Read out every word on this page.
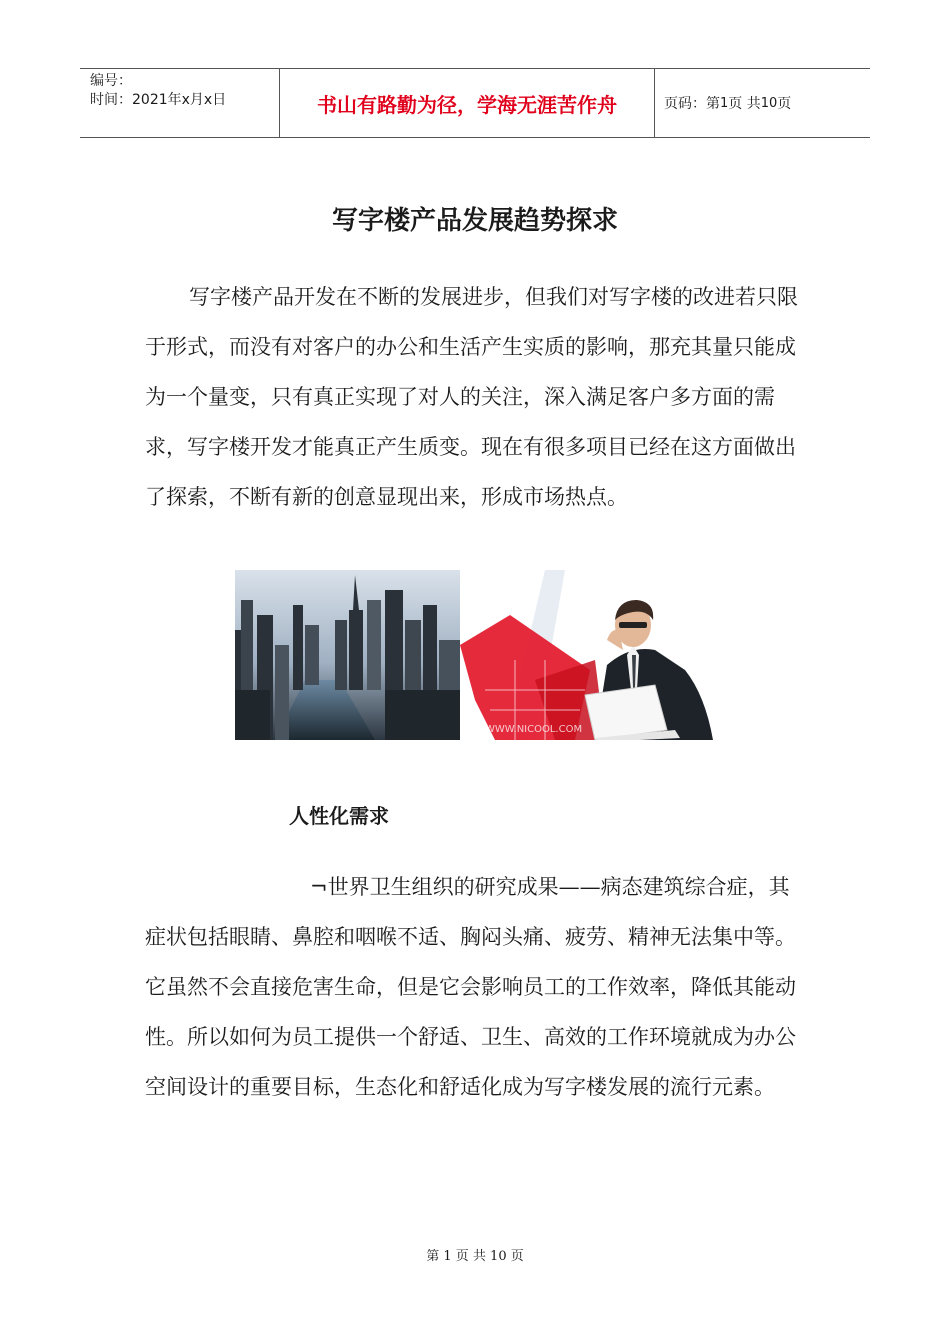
编号：
时间：2021年x月x日	书山有路勤为径，学海无涯苦作舟	页码：第 1 页 共 10 页
写字楼产品发展趋势探求

写字楼产品开发在不断的发展进步，但我们对写字楼的改进若只限于形式，而没有对客户的办公和生活产生实质的影响，那充其量只能成为一个量变，只有真正实现了对人的关注，深入满足客户多方面的需求，写字楼开发才能真正产生质变。现在有很多项目已经在这方面做出了探索，不断有新的创意显现出来，形成市场热点。

WWW.NICOOL.COM
人性化需求

¬世界卫生组织的研究成果——病态建筑综合症，其症状包括眼睛、鼻腔和咽喉不适、胸闷头痛、疲劳、精神无法集中等。它虽然不会直接危害生命，但是它会影响员工的工作效率，降低其能动性。所以如何为员工提供一个舒适、卫生、高效的工作环境就成为办公空间设计的重要目标，生态化和舒适化成为写字楼发展的流行元素。

第 1 页 共 10 页
